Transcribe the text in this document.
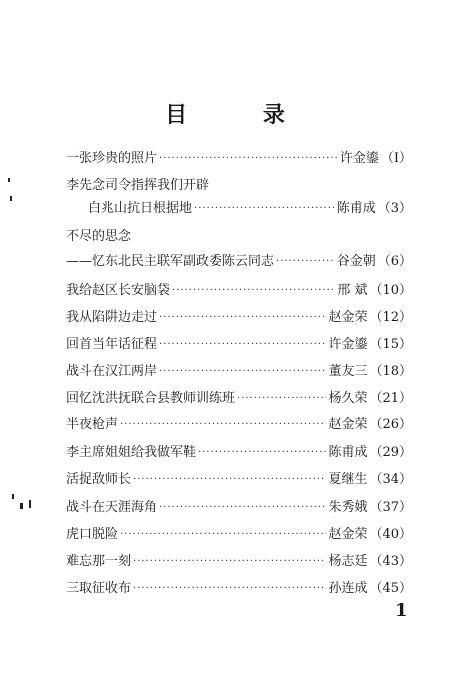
目 录
一张珍贵的照片 ·····	许金鎏 （Ⅰ）
李先念司令指挥我们开辟
白兆山抗日根据地 ·····	陈甫成 （3）
不尽的思念
——忆东北民主联军副政委陈云同志 ·····	谷金朝 （6）
我给赵区长安脑袋 ·····	邢 斌 （10）
我从陷阱边走过 ·····	赵金荣 （12）
回首当年话征程 ·····	许金鎏 （15）
战斗在汉江两岸 ·····	董友三 （18）
回忆沈洪抚联合县教师训练班 ·····	杨久荣 （21）
半夜枪声 ·····	赵金荣 （26）
李主席姐姐给我做军鞋 ·····	陈甫成 （29）
活捉敌师长 ·····	夏继生 （34）
战斗在天涯海角 ·····	朱秀娥 （37）
虎口脱险 ·····	赵金荣 （40）
难忘那一刻 ·····	杨志廷 （43）
三取征收布 ·····	孙连成 （45）
1
